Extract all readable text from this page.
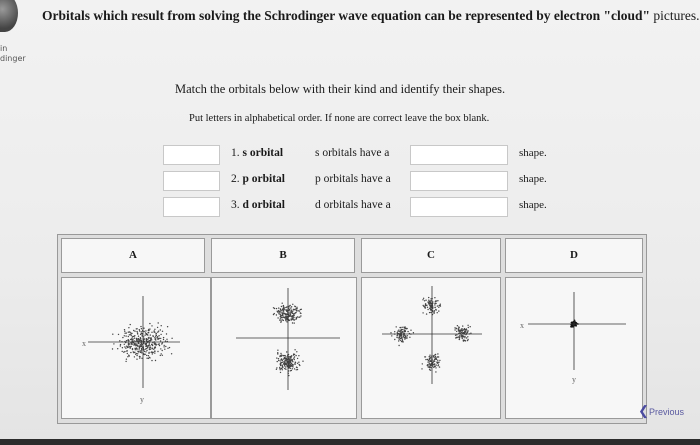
in
dinger
Orbitals which result from solving the Schrodinger wave equation can be represented by electron "cloud" pictures.
Match the orbitals below with their kind and identify their shapes.
Put letters in alphabetical order. If none are correct leave the box blank.
1. s orbital	s orbitals have a	shape.
2. p orbital	p orbitals have a	shape.
3. d orbital	d orbitals have a	shape.
A	B	C	D
x
y
x
y
❮Previous
